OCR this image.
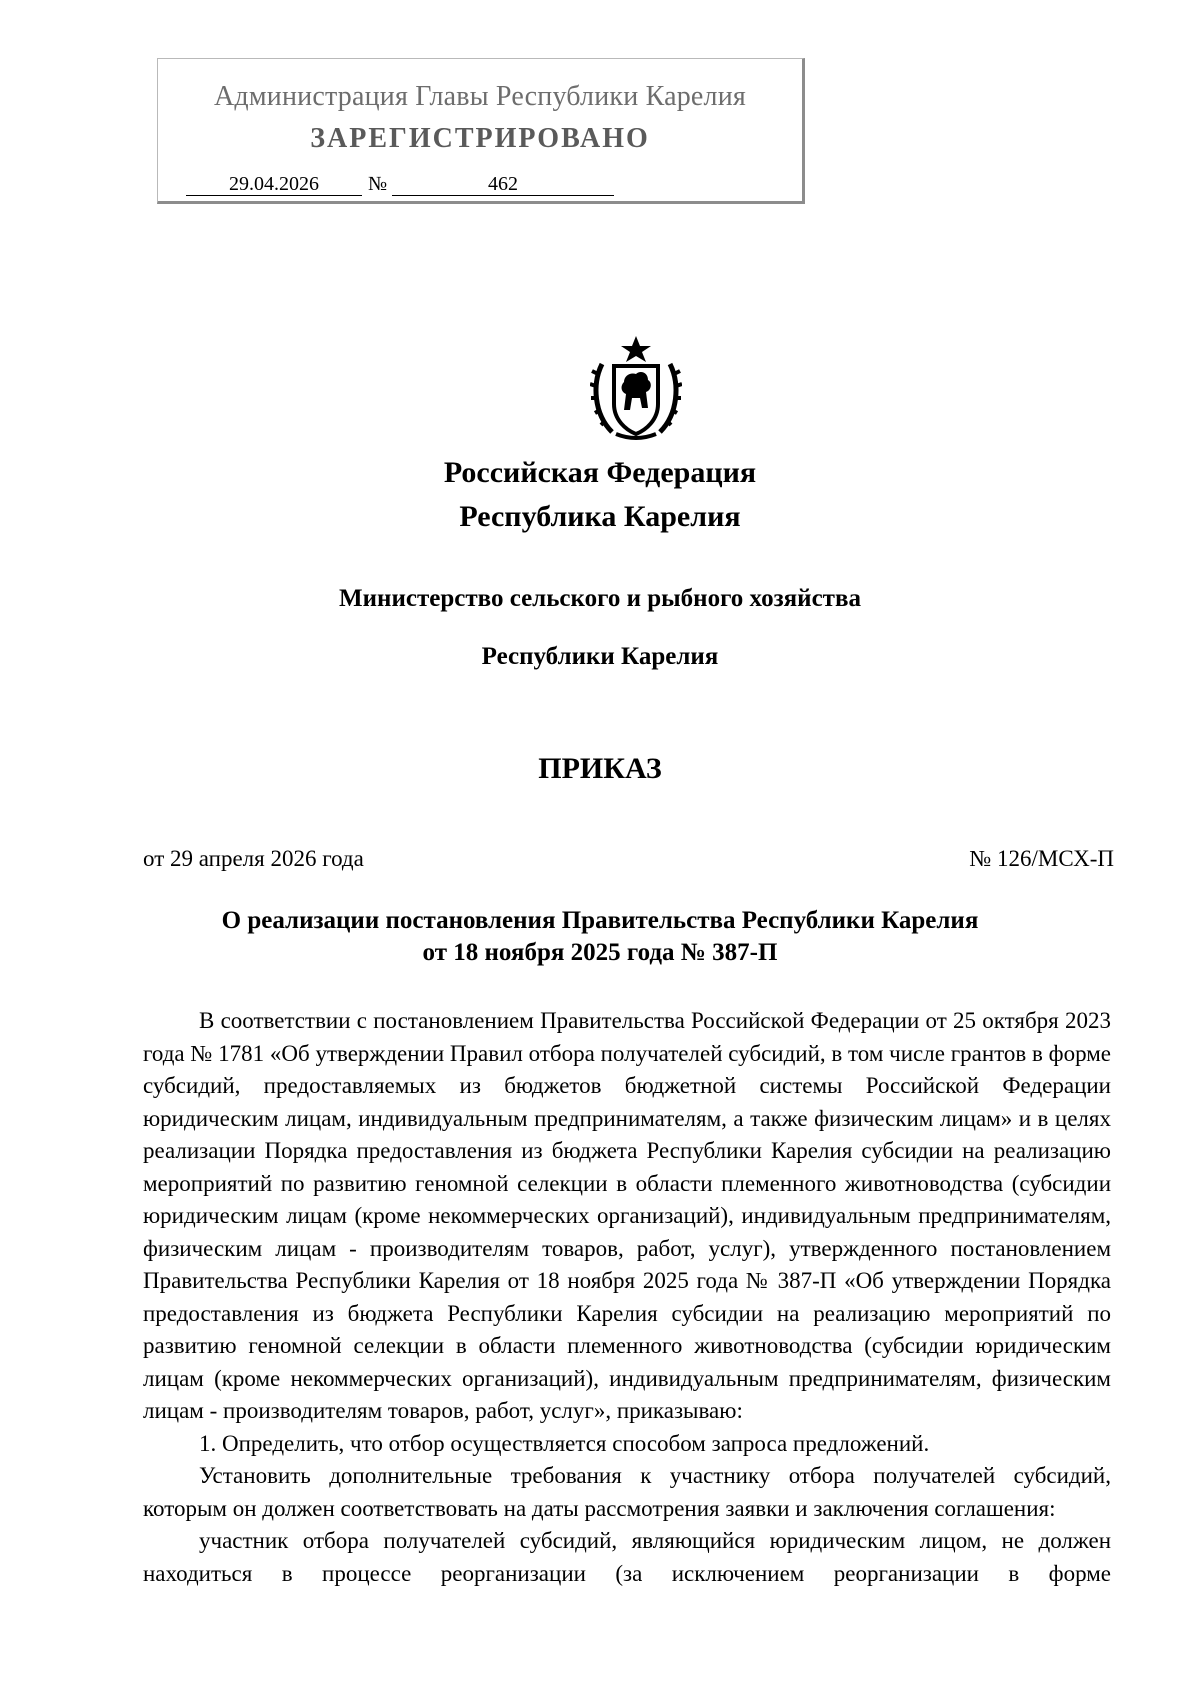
Администрация Главы Республики Карелия
ЗАРЕГИСТРИРОВАНО
29.04.2026	№	462
Российская Федерация
Республика Карелия
Министерство сельского и рыбного хозяйства
Республики Карелия
ПРИКАЗ
от 29 апреля 2026 года	№ 126/МСХ-П
О реализации постановления Правительства Республики Карелия
от 18 ноября 2025 года № 387-П

В соответствии с постановлением Правительства Российской Федерации от 25 октября 2023 года № 1781 «Об утверждении Правил отбора получателей субсидий, в том числе грантов в форме субсидий, предоставляемых из бюджетов бюджетной системы Российской Федерации юридическим лицам, индивидуальным предпринимателям, а также физическим лицам» и в целях реализации Порядка предоставления из бюджета Республики Карелия субсидии на реализацию мероприятий по развитию геномной селекции в области племенного животноводства (субсидии юридическим лицам (кроме некоммерческих организаций), индивидуальным предпринимателям, физическим лицам - производителям товаров, работ, услуг), утвержденного постановлением Правительства Республики Карелия от 18 ноября 2025 года № 387-П «Об утверждении Порядка предоставления из бюджета Республики Карелия субсидии на реализацию мероприятий по развитию геномной селекции в области племенного животноводства (субсидии юридическим лицам (кроме некоммерческих организаций), индивидуальным предпринимателям, физическим лицам - производителям товаров, работ, услуг», приказываю:

1. Определить, что отбор осуществляется способом запроса предложений.

Установить дополнительные требования к участнику отбора получателей субсидий, которым он должен соответствовать на даты рассмотрения заявки и заключения соглашения:

участник отбора получателей субсидий, являющийся юридическим лицом, не должен находиться в процессе реорганизации (за исключением реорганизации в форме
